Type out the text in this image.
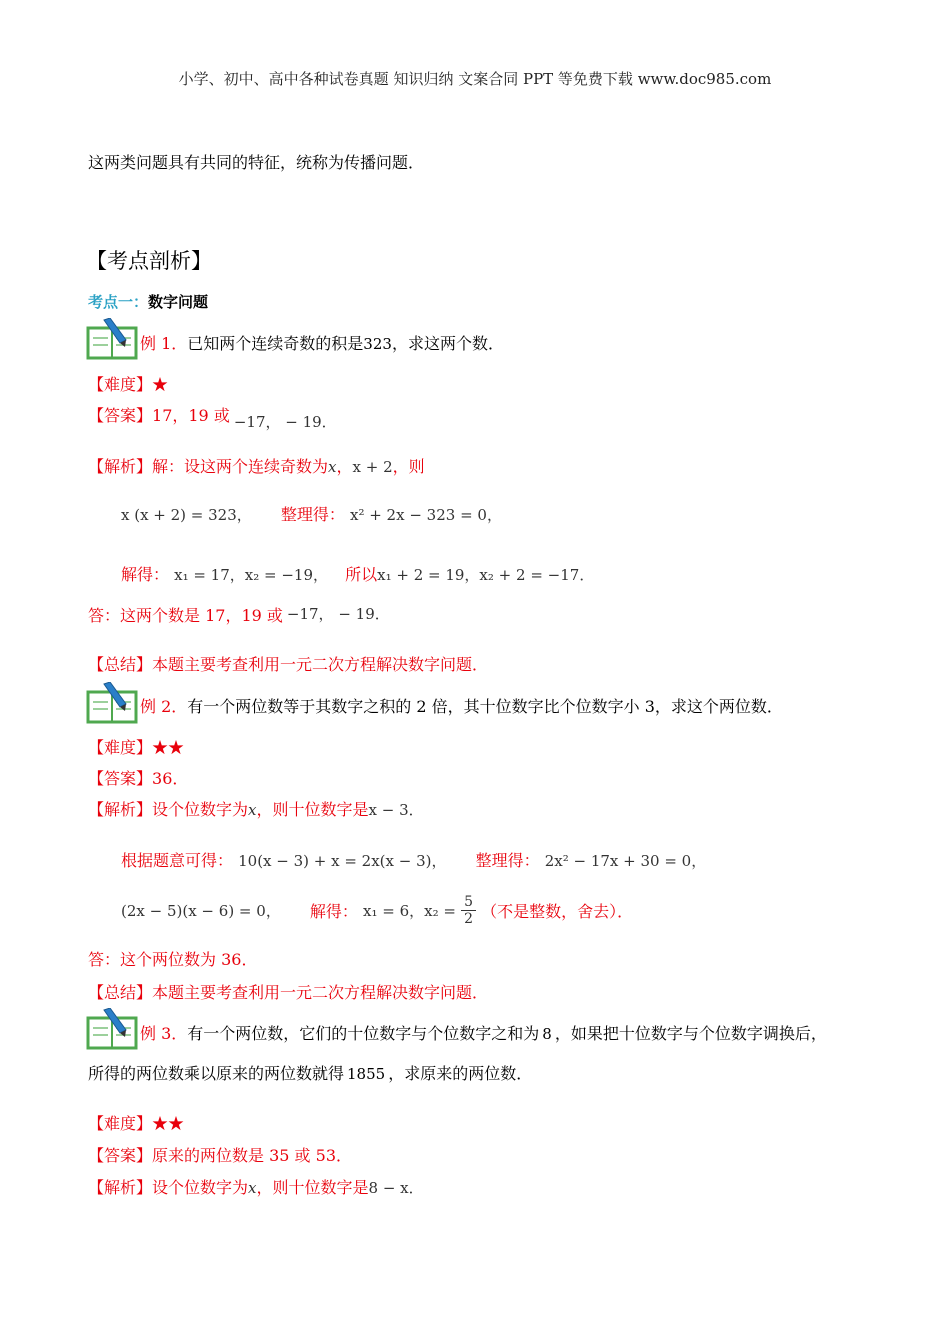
小学、初中、高中各种试卷真题 知识归纳 文案合同 PPT 等免费下载 www.doc985.com
这两类问题具有共同的特征，统称为传播问题．
【考点剖析】
考点一：数字问题
例 1．已知两个连续奇数的积是323，求这两个数．
【难度】★
【答案】17，19 或 −17， − 19．
【解析】解：设这两个连续奇数为x，x + 2，则
x (x + 2) = 323， 整理得： x² + 2x − 323 = 0，
解得： x₁ = 17，x₂ = −19， 所以x₁ + 2 = 19，x₂ + 2 = −17．
答：这两个数是 17，19 或 −17， − 19．
【总结】本题主要考查利用一元二次方程解决数字问题．
例 2．有一个两位数等于其数字之积的 2 倍，其十位数字比个位数字小 3，求这个两位数．
【难度】★★
【答案】36．
【解析】设个位数字为x，则十位数字是x − 3．
根据题意可得： 10(x − 3) + x = 2x(x − 3)， 整理得： 2x² − 17x + 30 = 0，
(2x − 5)(x − 6) = 0， 解得： x₁ = 6，$x_2 = \frac{5}{2}$ （不是整数，舍去）．
答：这个两位数为 36．
【总结】本题主要考查利用一元二次方程解决数字问题．
例 3．有一个两位数，它们的十位数字与个位数字之和为 8 ，如果把十位数字与个位数字调换后，
所得的两位数乘以原来的两位数就得 1855 ，求原来的两位数．
【难度】★★
【答案】原来的两位数是 35 或 53．
【解析】设个位数字为x，则十位数字是8 − x．
